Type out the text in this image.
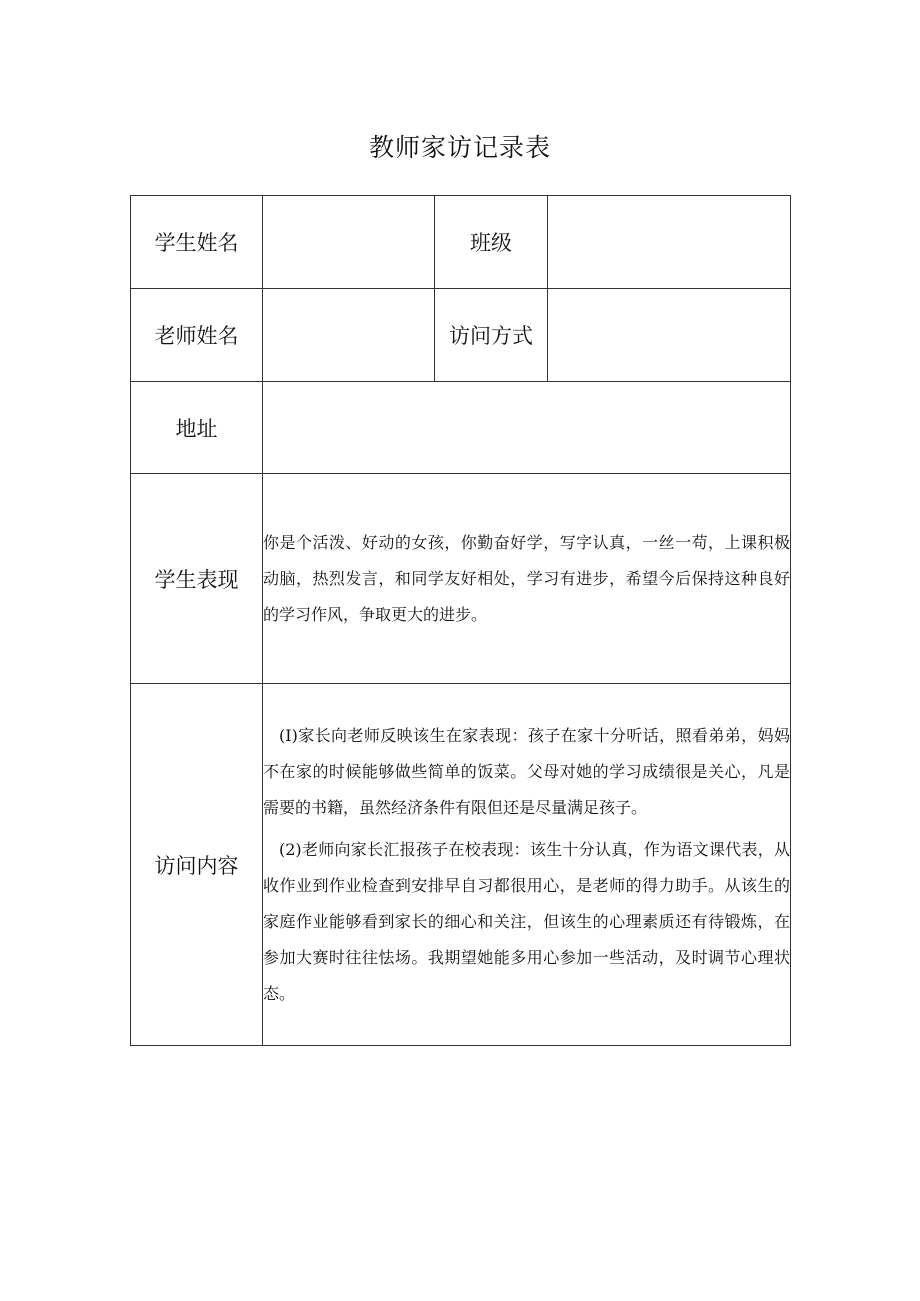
教师家访记录表
学生姓名		班级	
老师姓名		访问方式	
地址			
学生表现	你是个活泼、好动的女孩，你勤奋好学，写字认真，一丝一苟，上课积极动脑，热烈发言，和同学友好相处，学习有进步，希望今后保持这种良好的学习作风，争取更大的进步。		
访问内容	(I)家长向老师反映该生在家表现：孩子在家十分听话，照看弟弟，妈妈不在家的时候能够做些简单的饭菜。父母对她的学习成绩很是关心，凡是需要的书籍，虽然经济条件有限但还是尽量满足孩子。
(2)老师向家长汇报孩子在校表现：该生十分认真，作为语文课代表，从收作业到作业检查到安排早自习都很用心，是老师的得力助手。从该生的家庭作业能够看到家长的细心和关注，但该生的心理素质还有待锻炼，在参加大赛时往往怯场。我期望她能多用心参加一些活动，及时调节心理状态。		
